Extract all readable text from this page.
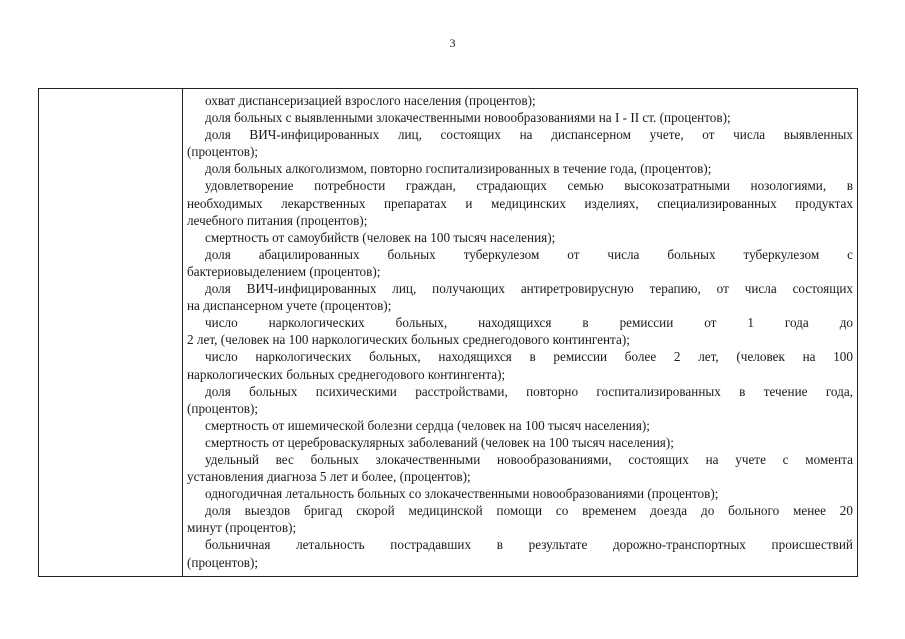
3
охват диспансеризацией взрослого населения (процентов);
доля больных с выявленными злокачественными новообразованиями на I - II ст. (процентов);
доля ВИЧ-инфицированных лиц, состоящих на диспансерном учете, от числа выявленных
(процентов);
доля больных алкоголизмом, повторно госпитализированных в течение года, (процентов);
удовлетворение потребности граждан, страдающих семью высокозатратными нозологиями, в
необходимых лекарственных препаратах и медицинских изделиях, специализированных продуктах
лечебного питания (процентов);
смертность от самоубийств (человек на 100 тысяч населения);
доля абацилированных больных туберкулезом от числа больных туберкулезом с
бактериовыделением (процентов);
доля ВИЧ-инфицированных лиц, получающих антиретровирусную терапию, от числа состоящих
на диспансерном учете (процентов);
число наркологических больных, находящихся в ремиссии от 1 года до
2 лет, (человек на 100 наркологических больных среднегодового контингента);
число наркологических больных, находящихся в ремиссии более 2 лет, (человек на 100
наркологических больных среднегодового контингента);
доля больных психическими расстройствами, повторно госпитализированных в течение года,
(процентов);
смертность от ишемической болезни сердца (человек на 100 тысяч населения);
смертность от цереброваскулярных заболеваний (человек на 100 тысяч населения);
удельный вес больных злокачественными новообразованиями, состоящих на учете с момента
установления диагноза 5 лет и более, (процентов);
одногодичная летальность больных со злокачественными новообразованиями (процентов);
доля выездов бригад скорой медицинской помощи со временем доезда до больного менее 20
минут (процентов);
больничная летальность пострадавших в результате дорожно-транспортных происшествий
(процентов);
